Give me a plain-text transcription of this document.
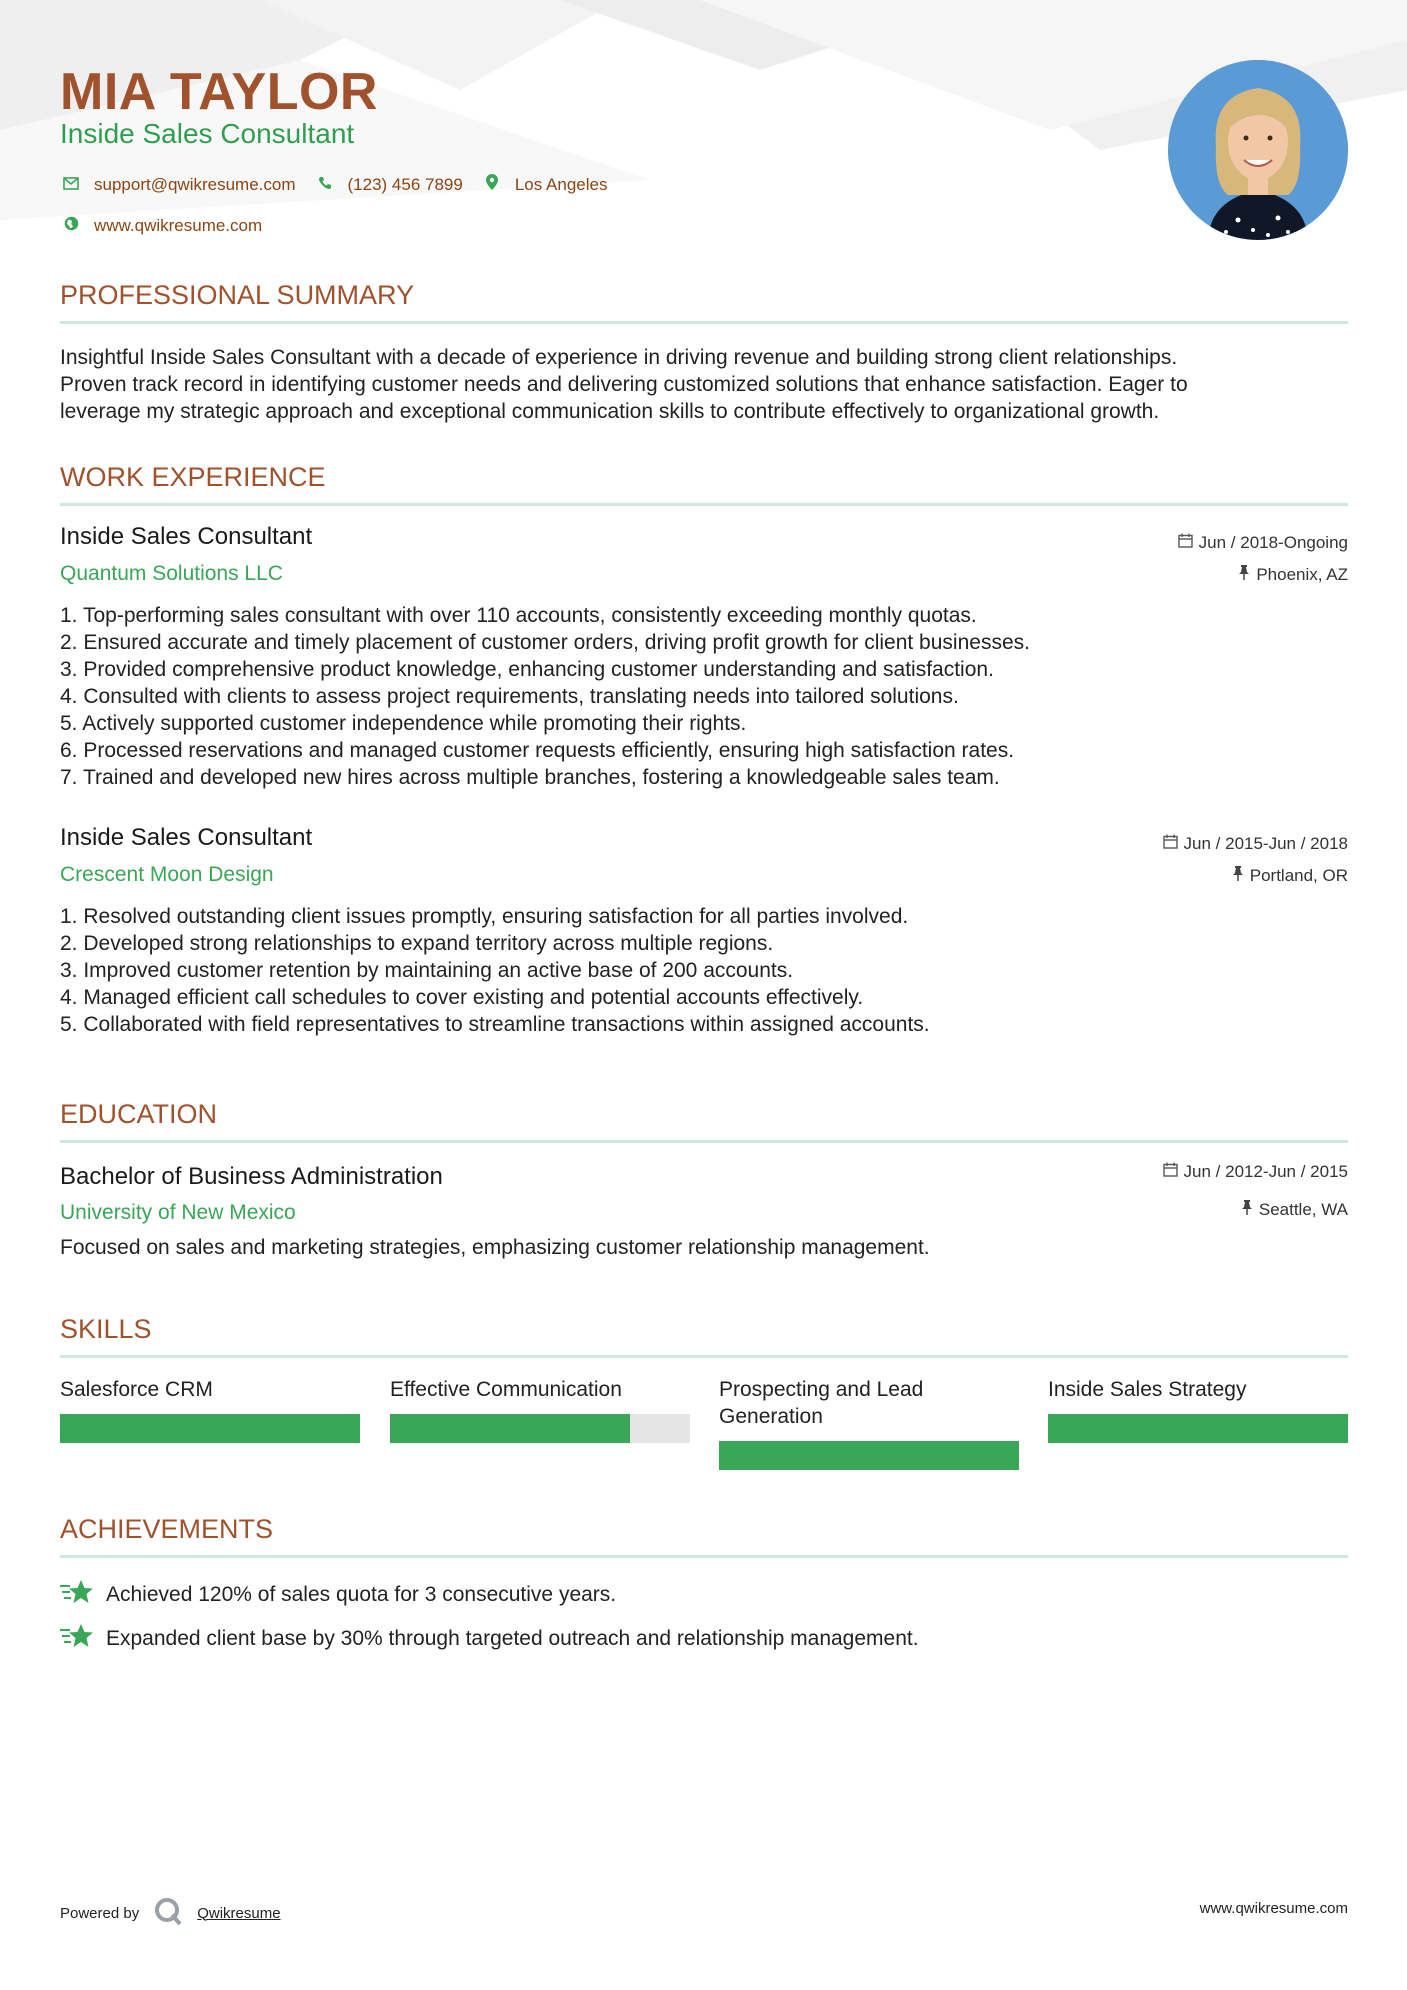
MIA TAYLOR
Inside Sales Consultant
support@qwikresume.com	(123) 456 7899	Los Angeles
www.qwikresume.com
PROFESSIONAL SUMMARY
Insightful Inside Sales Consultant with a decade of experience in driving revenue and building strong client relationships.
Proven track record in identifying customer needs and delivering customized solutions that enhance satisfaction. Eager to
leverage my strategic approach and exceptional communication skills to contribute effectively to organizational growth.
WORK EXPERIENCE
Inside Sales Consultant
Quantum Solutions LLC
Jun / 2018-Ongoing
Phoenix, AZ
1. Top-performing sales consultant with over 110 accounts, consistently exceeding monthly quotas.
2. Ensured accurate and timely placement of customer orders, driving profit growth for client businesses.
3. Provided comprehensive product knowledge, enhancing customer understanding and satisfaction.
4. Consulted with clients to assess project requirements, translating needs into tailored solutions.
5. Actively supported customer independence while promoting their rights.
6. Processed reservations and managed customer requests efficiently, ensuring high satisfaction rates.
7. Trained and developed new hires across multiple branches, fostering a knowledgeable sales team.
Inside Sales Consultant
Crescent Moon Design
Jun / 2015-Jun / 2018
Portland, OR
1. Resolved outstanding client issues promptly, ensuring satisfaction for all parties involved.
2. Developed strong relationships to expand territory across multiple regions.
3. Improved customer retention by maintaining an active base of 200 accounts.
4. Managed efficient call schedules to cover existing and potential accounts effectively.
5. Collaborated with field representatives to streamline transactions within assigned accounts.
EDUCATION
Bachelor of Business Administration
University of New Mexico
Jun / 2012-Jun / 2015
Seattle, WA
Focused on sales and marketing strategies, emphasizing customer relationship management.
SKILLS
Salesforce CRM	Effective Communication	Prospecting and Lead Generation
Inside Sales Strategy
ACHIEVEMENTS
Achieved 120% of sales quota for 3 consecutive years.
Expanded client base by 30% through targeted outreach and relationship management.
Powered by	Qwikresume	www.qwikresume.com
